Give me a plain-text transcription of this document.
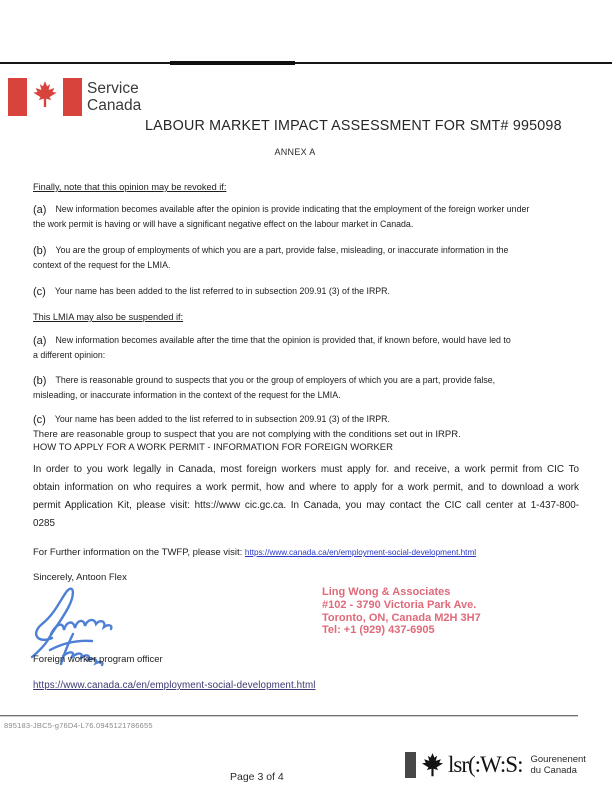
Service
Canada
LABOUR MARKET IMPACT ASSESSMENT FOR SMT# 995098
ANNEX A
Finally, note that this opinion may be revoked if:
(a) New information becomes available after the opinion is provide indicating that the employment of the foreign worker under
the work permit is having or will have a significant negative effect on the labour market in Canada.
(b) You are the group of employments of which you are a part, provide false, misleading, or inaccurate information in the
context of the request for the LMIA.
(c) Your name has been added to the list referred to in subsection 209.91 (3) of the IRPR.
This LMIA may also be suspended if:
(a) New information becomes available after the time that the opinion is provided that, if known before, would have led to
a different opinion:
(b) There is reasonable ground to suspects that you or the group of employers of which you are a part, provide false,
misleading, or inaccurate information in the context of the request for the LMIA.
(c) Your name has been added to the list referred to in subsection 209.91 (3) of the IRPR.
There are reasonable group to suspect that you are not complying with the conditions set out in IRPR.
HOW TO APPLY FOR A WORK PERMIT - INFORMATION FOR FOREIGN WORKER
In order to you work legally in Canada, most foreign workers must apply for. and receive, a work permit from CIC To
obtain information on who requires a work permit, how and where to apply for a work permit, and to download a work
permit Application Kit, please visit: htts://www cic.gc.ca. In Canada, you may contact the CIC call center at 1-437-800-
0285
For Further information on the TWFP, please visit: https://www.canada.ca/en/employment-social-development.html
Sincerely, Antoon Flex
Ling Wong & Associates
#102 - 3790 Victoria Park Ave.
Toronto, ON, Canada M2H 3H7
Tel: +1 (929) 437-6905
Foreign worker program officer
https://www.canada.ca/en/employment-social-development.html
895183-JBC5-g76D4-L76.0945121786655
lsr(:W:S: Gourenenent
du Canada
Page 3 of 4
